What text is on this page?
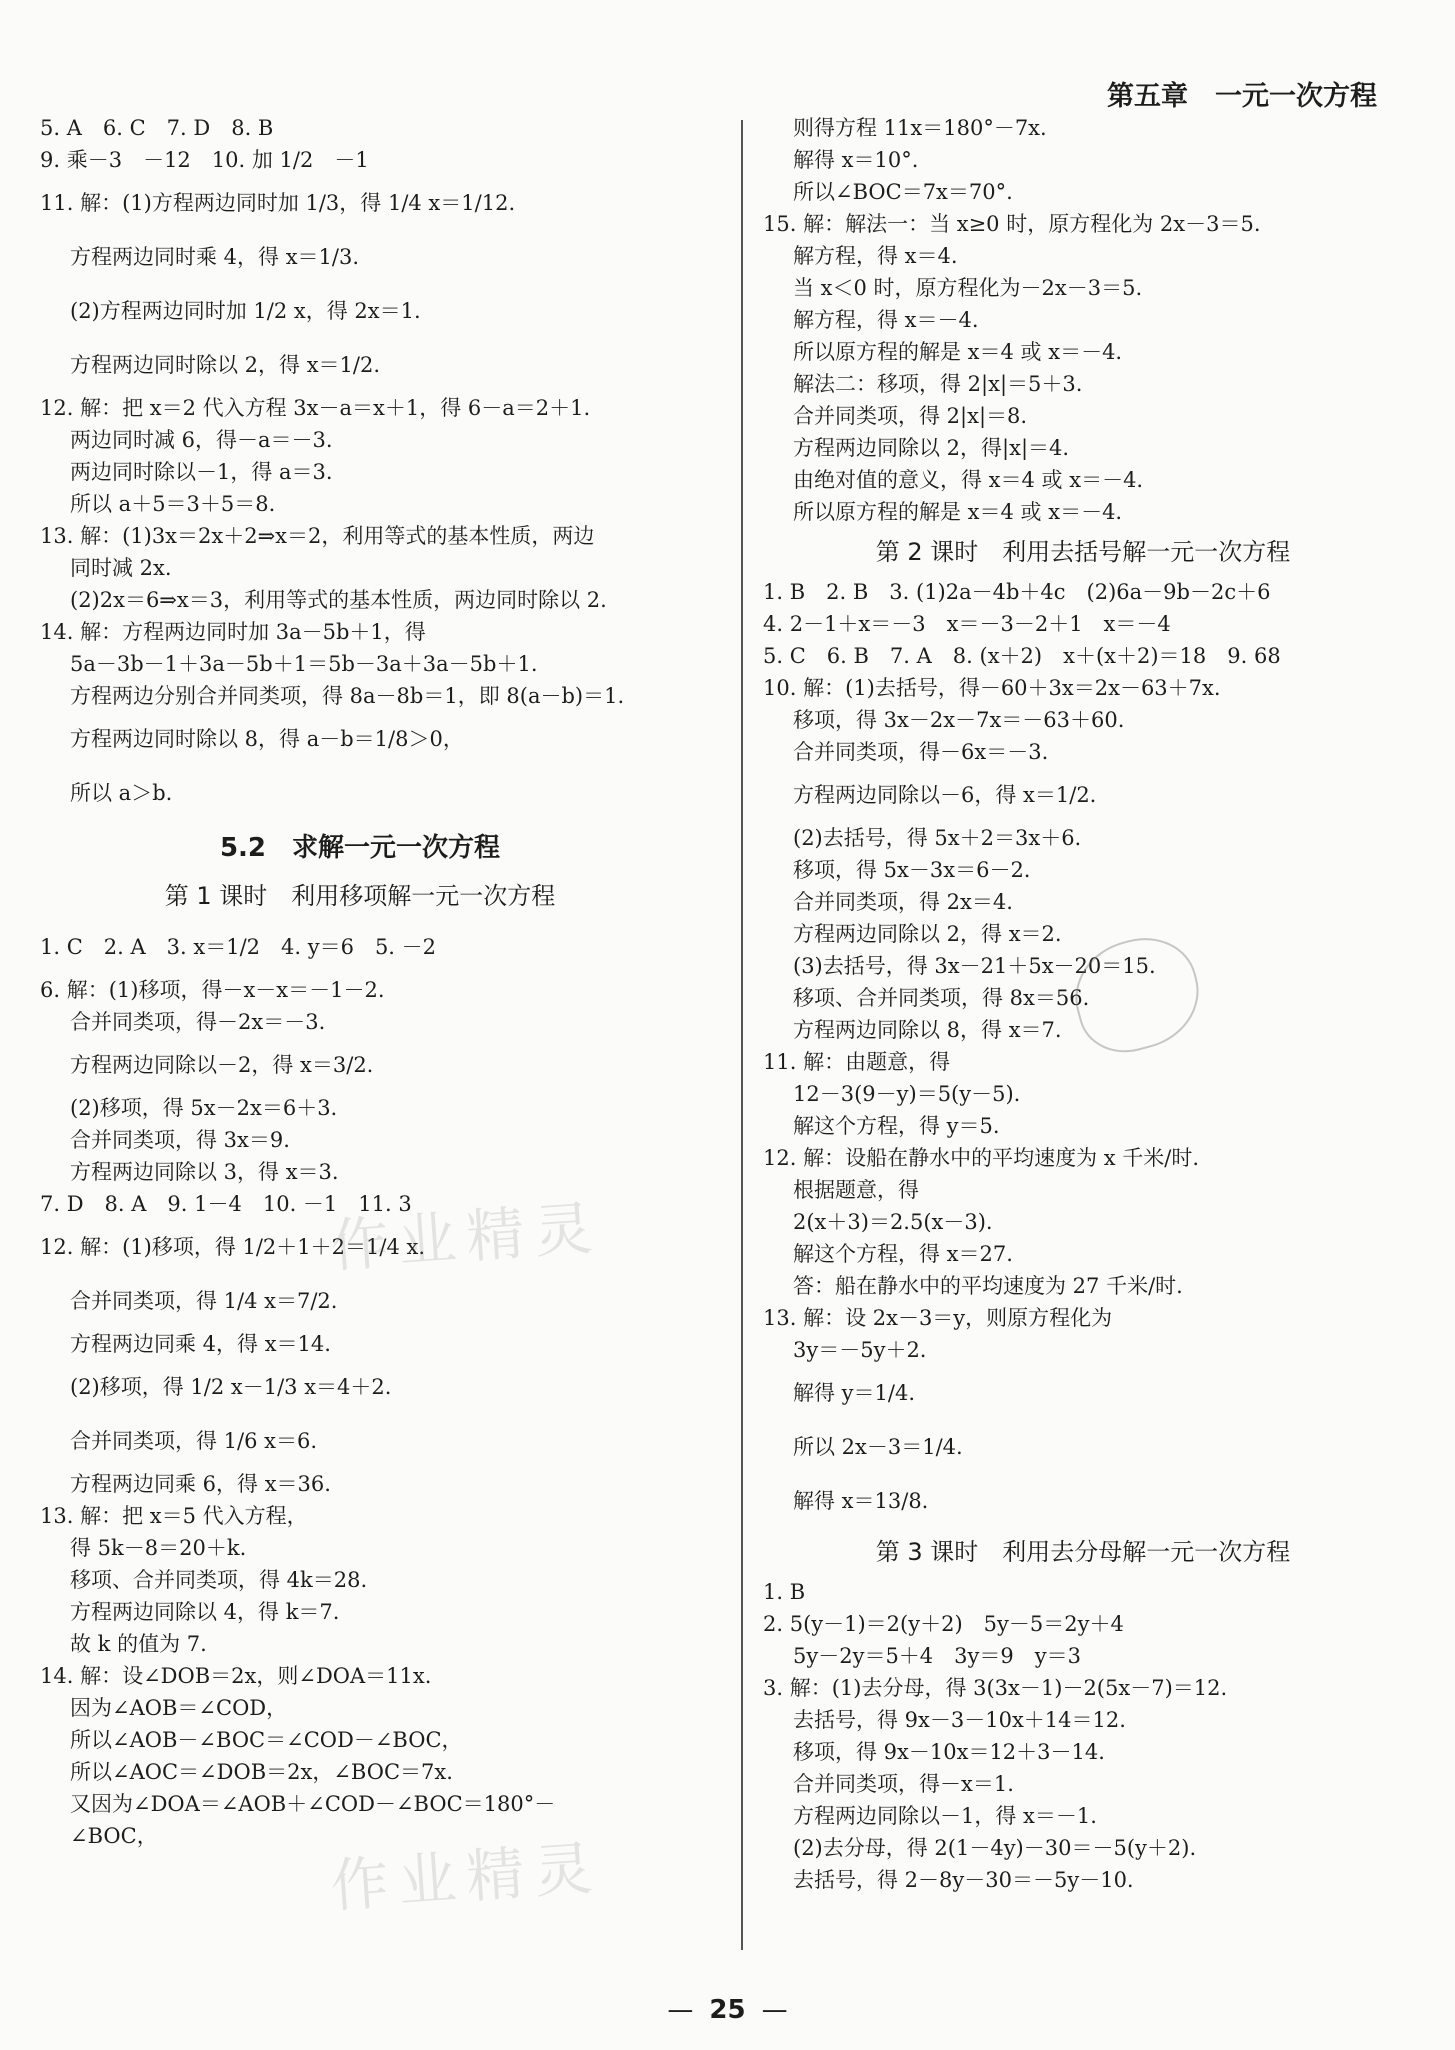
第五章　一元一次方程

5. A　6. C　7. D　8. B

9. 乘－3　－12　10. 加 1/2　－1

11. 解：(1)方程两边同时加 1/3，得 1/4 x＝1/12.

方程两边同时乘 4，得 x＝1/3.

(2)方程两边同时加 1/2 x，得 2x＝1.

方程两边同时除以 2，得 x＝1/2.

12. 解：把 x＝2 代入方程 3x－a＝x＋1，得 6－a＝2＋1.

两边同时减 6，得－a＝－3.

两边同时除以－1，得 a＝3.

所以 a＋5＝3＋5＝8.

13. 解：(1)3x＝2x＋2⇒x＝2，利用等式的基本性质，两边

同时减 2x.

(2)2x＝6⇒x＝3，利用等式的基本性质，两边同时除以 2.

14. 解：方程两边同时加 3a－5b＋1，得

5a－3b－1＋3a－5b＋1＝5b－3a＋3a－5b＋1.

方程两边分别合并同类项，得 8a－8b＝1，即 8(a－b)＝1.

方程两边同时除以 8，得 a－b＝1/8＞0，

所以 a＞b.

5.2　求解一元一次方程
第 1 课时　利用移项解一元一次方程

1. C　2. A　3. x＝1/2　4. y＝6　5. －2

6. 解：(1)移项，得－x－x＝－1－2.

合并同类项，得－2x＝－3.

方程两边同除以－2，得 x＝3/2.

(2)移项，得 5x－2x＝6＋3.

合并同类项，得 3x＝9.

方程两边同除以 3，得 x＝3.

7. D　8. A　9. 1－4　10. －1　11. 3

12. 解：(1)移项，得 1/2＋1＋2＝1/4 x.

合并同类项，得 1/4 x＝7/2.

方程两边同乘 4，得 x＝14.

(2)移项，得 1/2 x－1/3 x＝4＋2.

合并同类项，得 1/6 x＝6.

方程两边同乘 6，得 x＝36.

13. 解：把 x＝5 代入方程，

得 5k－8＝20＋k.

移项、合并同类项，得 4k＝28.

方程两边同除以 4，得 k＝7.

故 k 的值为 7.

14. 解：设∠DOB＝2x，则∠DOA＝11x.

因为∠AOB＝∠COD，

所以∠AOB－∠BOC＝∠COD－∠BOC，

所以∠AOC＝∠DOB＝2x，∠BOC＝7x.

又因为∠DOA＝∠AOB＋∠COD－∠BOC＝180°－

∠BOC，

则得方程 11x＝180°－7x.

解得 x＝10°.

所以∠BOC＝7x＝70°.

15. 解：解法一：当 x≥0 时，原方程化为 2x－3＝5.

解方程，得 x＝4.

当 x＜0 时，原方程化为－2x－3＝5.

解方程，得 x＝－4.

所以原方程的解是 x＝4 或 x＝－4.

解法二：移项，得 2|x|＝5＋3.

合并同类项，得 2|x|＝8.

方程两边同除以 2，得|x|＝4.

由绝对值的意义，得 x＝4 或 x＝－4.

所以原方程的解是 x＝4 或 x＝－4.

第 2 课时　利用去括号解一元一次方程

1. B　2. B　3. (1)2a－4b＋4c　(2)6a－9b－2c＋6

4. 2－1＋x＝－3　x＝－3－2＋1　x＝－4

5. C　6. B　7. A　8. (x＋2)　x＋(x＋2)＝18　9. 68

10. 解：(1)去括号，得－60＋3x＝2x－63＋7x.

移项，得 3x－2x－7x＝－63＋60.

合并同类项，得－6x＝－3.

方程两边同除以－6，得 x＝1/2.

(2)去括号，得 5x＋2＝3x＋6.

移项，得 5x－3x＝6－2.

合并同类项，得 2x＝4.

方程两边同除以 2，得 x＝2.

(3)去括号，得 3x－21＋5x－20＝15.

移项、合并同类项，得 8x＝56.

方程两边同除以 8，得 x＝7.

11. 解：由题意，得

12－3(9－y)＝5(y－5).

解这个方程，得 y＝5.

12. 解：设船在静水中的平均速度为 x 千米/时.

根据题意，得

2(x＋3)＝2.5(x－3).

解这个方程，得 x＝27.

答：船在静水中的平均速度为 27 千米/时.

13. 解：设 2x－3＝y，则原方程化为

3y＝－5y＋2.

解得 y＝1/4.

所以 2x－3＝1/4.

解得 x＝13/8.

第 3 课时　利用去分母解一元一次方程

1. B

2. 5(y－1)＝2(y＋2)　5y－5＝2y＋4

5y－2y＝5＋4　3y＝9　y＝3

3. 解：(1)去分母，得 3(3x－1)－2(5x－7)＝12.

去括号，得 9x－3－10x＋14＝12.

移项，得 9x－10x＝12＋3－14.

合并同类项，得－x＝1.

方程两边同除以－1，得 x＝－1.

(2)去分母，得 2(1－4y)－30＝－5(y＋2).

去括号，得 2－8y－30＝－5y－10.

作业精灵
作业精灵
— 25 —
